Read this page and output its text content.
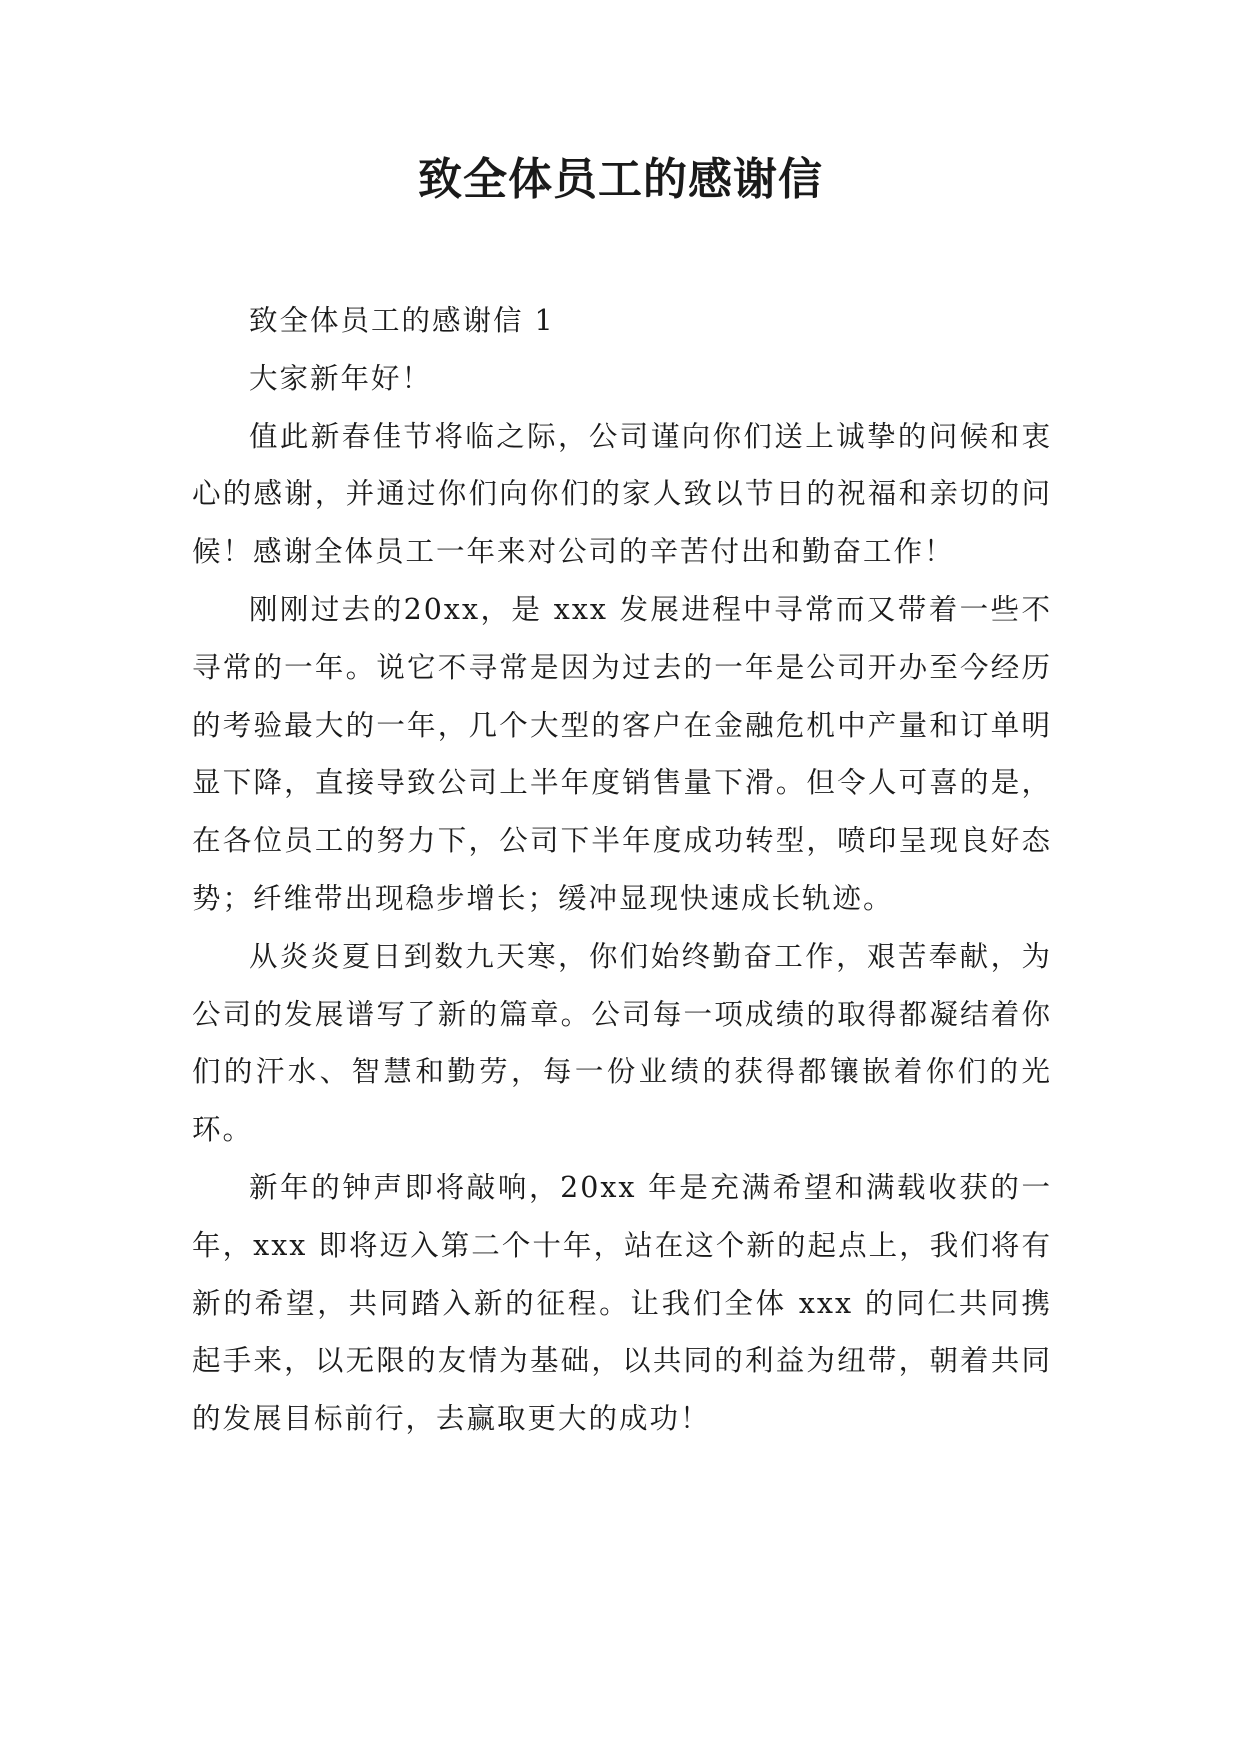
致全体员工的感谢信

致全体员工的感谢信 1

大家新年好！

值此新春佳节将临之际，公司谨向你们送上诚挚的问候和衷心的感谢，并通过你们向你们的家人致以节日的祝福和亲切的问候！感谢全体员工一年来对公司的辛苦付出和勤奋工作！

刚刚过去的20xx，是 xxx 发展进程中寻常而又带着一些不寻常的一年。说它不寻常是因为过去的一年是公司开办至今经历的考验最大的一年，几个大型的客户在金融危机中产量和订单明显下降，直接导致公司上半年度销售量下滑。但令人可喜的是，在各位员工的努力下，公司下半年度成功转型，喷印呈现良好态势；纤维带出现稳步增长；缓冲显现快速成长轨迹。

从炎炎夏日到数九天寒，你们始终勤奋工作，艰苦奉献，为公司的发展谱写了新的篇章。公司每一项成绩的取得都凝结着你们的汗水、智慧和勤劳，每一份业绩的获得都镶嵌着你们的光环。

新年的钟声即将敲响，20xx 年是充满希望和满载收获的一年，xxx 即将迈入第二个十年，站在这个新的起点上，我们将有新的希望，共同踏入新的征程。让我们全体 xxx 的同仁共同携起手来，以无限的友情为基础，以共同的利益为纽带，朝着共同的发展目标前行，去赢取更大的成功！
